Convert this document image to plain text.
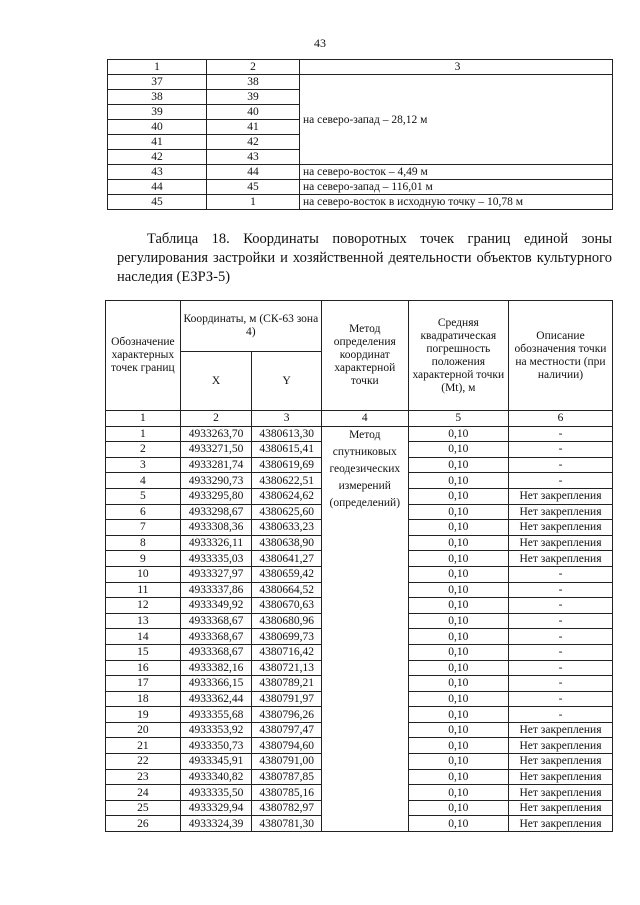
43
1	2	3
37	38	на северо-запад – 28,12 м
38	39	
39	40	
40	41	
41	42	
42	43	
43	44	на северо-восток – 4,49 м
44	45	на северо-запад – 116,01 м
45	1	на северо-восток в исходную точку – 10,78 м
Таблица 18. Координаты поворотных точек границ единой зоны регулирования застройки и хозяйственной деятельности объектов культурного наследия (ЕЗРЗ-5)
Обозначение характерных точек границ	Координаты, м (СК-63 зона 4)		Метод определения координат характерной точки	Средняя квадратическая погрешность положения характерной точки (Mt), м	Описание обозначения точки на местности (при наличии)
	X	Y			
1	2	3	4	5	6
1	4933263,70	4380613,30	Метод спутниковых геодезических измерений (определений)	0,10	-
2	4933271,50	4380615,41		0,10	-
3	4933281,74	4380619,69		0,10	-
4	4933290,73	4380622,51		0,10	-
5	4933295,80	4380624,62		0,10	Нет закрепления
6	4933298,67	4380625,60		0,10	Нет закрепления
7	4933308,36	4380633,23		0,10	Нет закрепления
8	4933326,11	4380638,90		0,10	Нет закрепления
9	4933335,03	4380641,27		0,10	Нет закрепления
10	4933327,97	4380659,42		0,10	-
11	4933337,86	4380664,52		0,10	-
12	4933349,92	4380670,63		0,10	-
13	4933368,67	4380680,96		0,10	-
14	4933368,67	4380699,73		0,10	-
15	4933368,67	4380716,42		0,10	-
16	4933382,16	4380721,13		0,10	-
17	4933366,15	4380789,21		0,10	-
18	4933362,44	4380791,97		0,10	-
19	4933355,68	4380796,26		0,10	-
20	4933353,92	4380797,47		0,10	Нет закрепления
21	4933350,73	4380794,60		0,10	Нет закрепления
22	4933345,91	4380791,00		0,10	Нет закрепления
23	4933340,82	4380787,85		0,10	Нет закрепления
24	4933335,50	4380785,16		0,10	Нет закрепления
25	4933329,94	4380782,97		0,10	Нет закрепления
26	4933324,39	4380781,30		0,10	Нет закрепления
